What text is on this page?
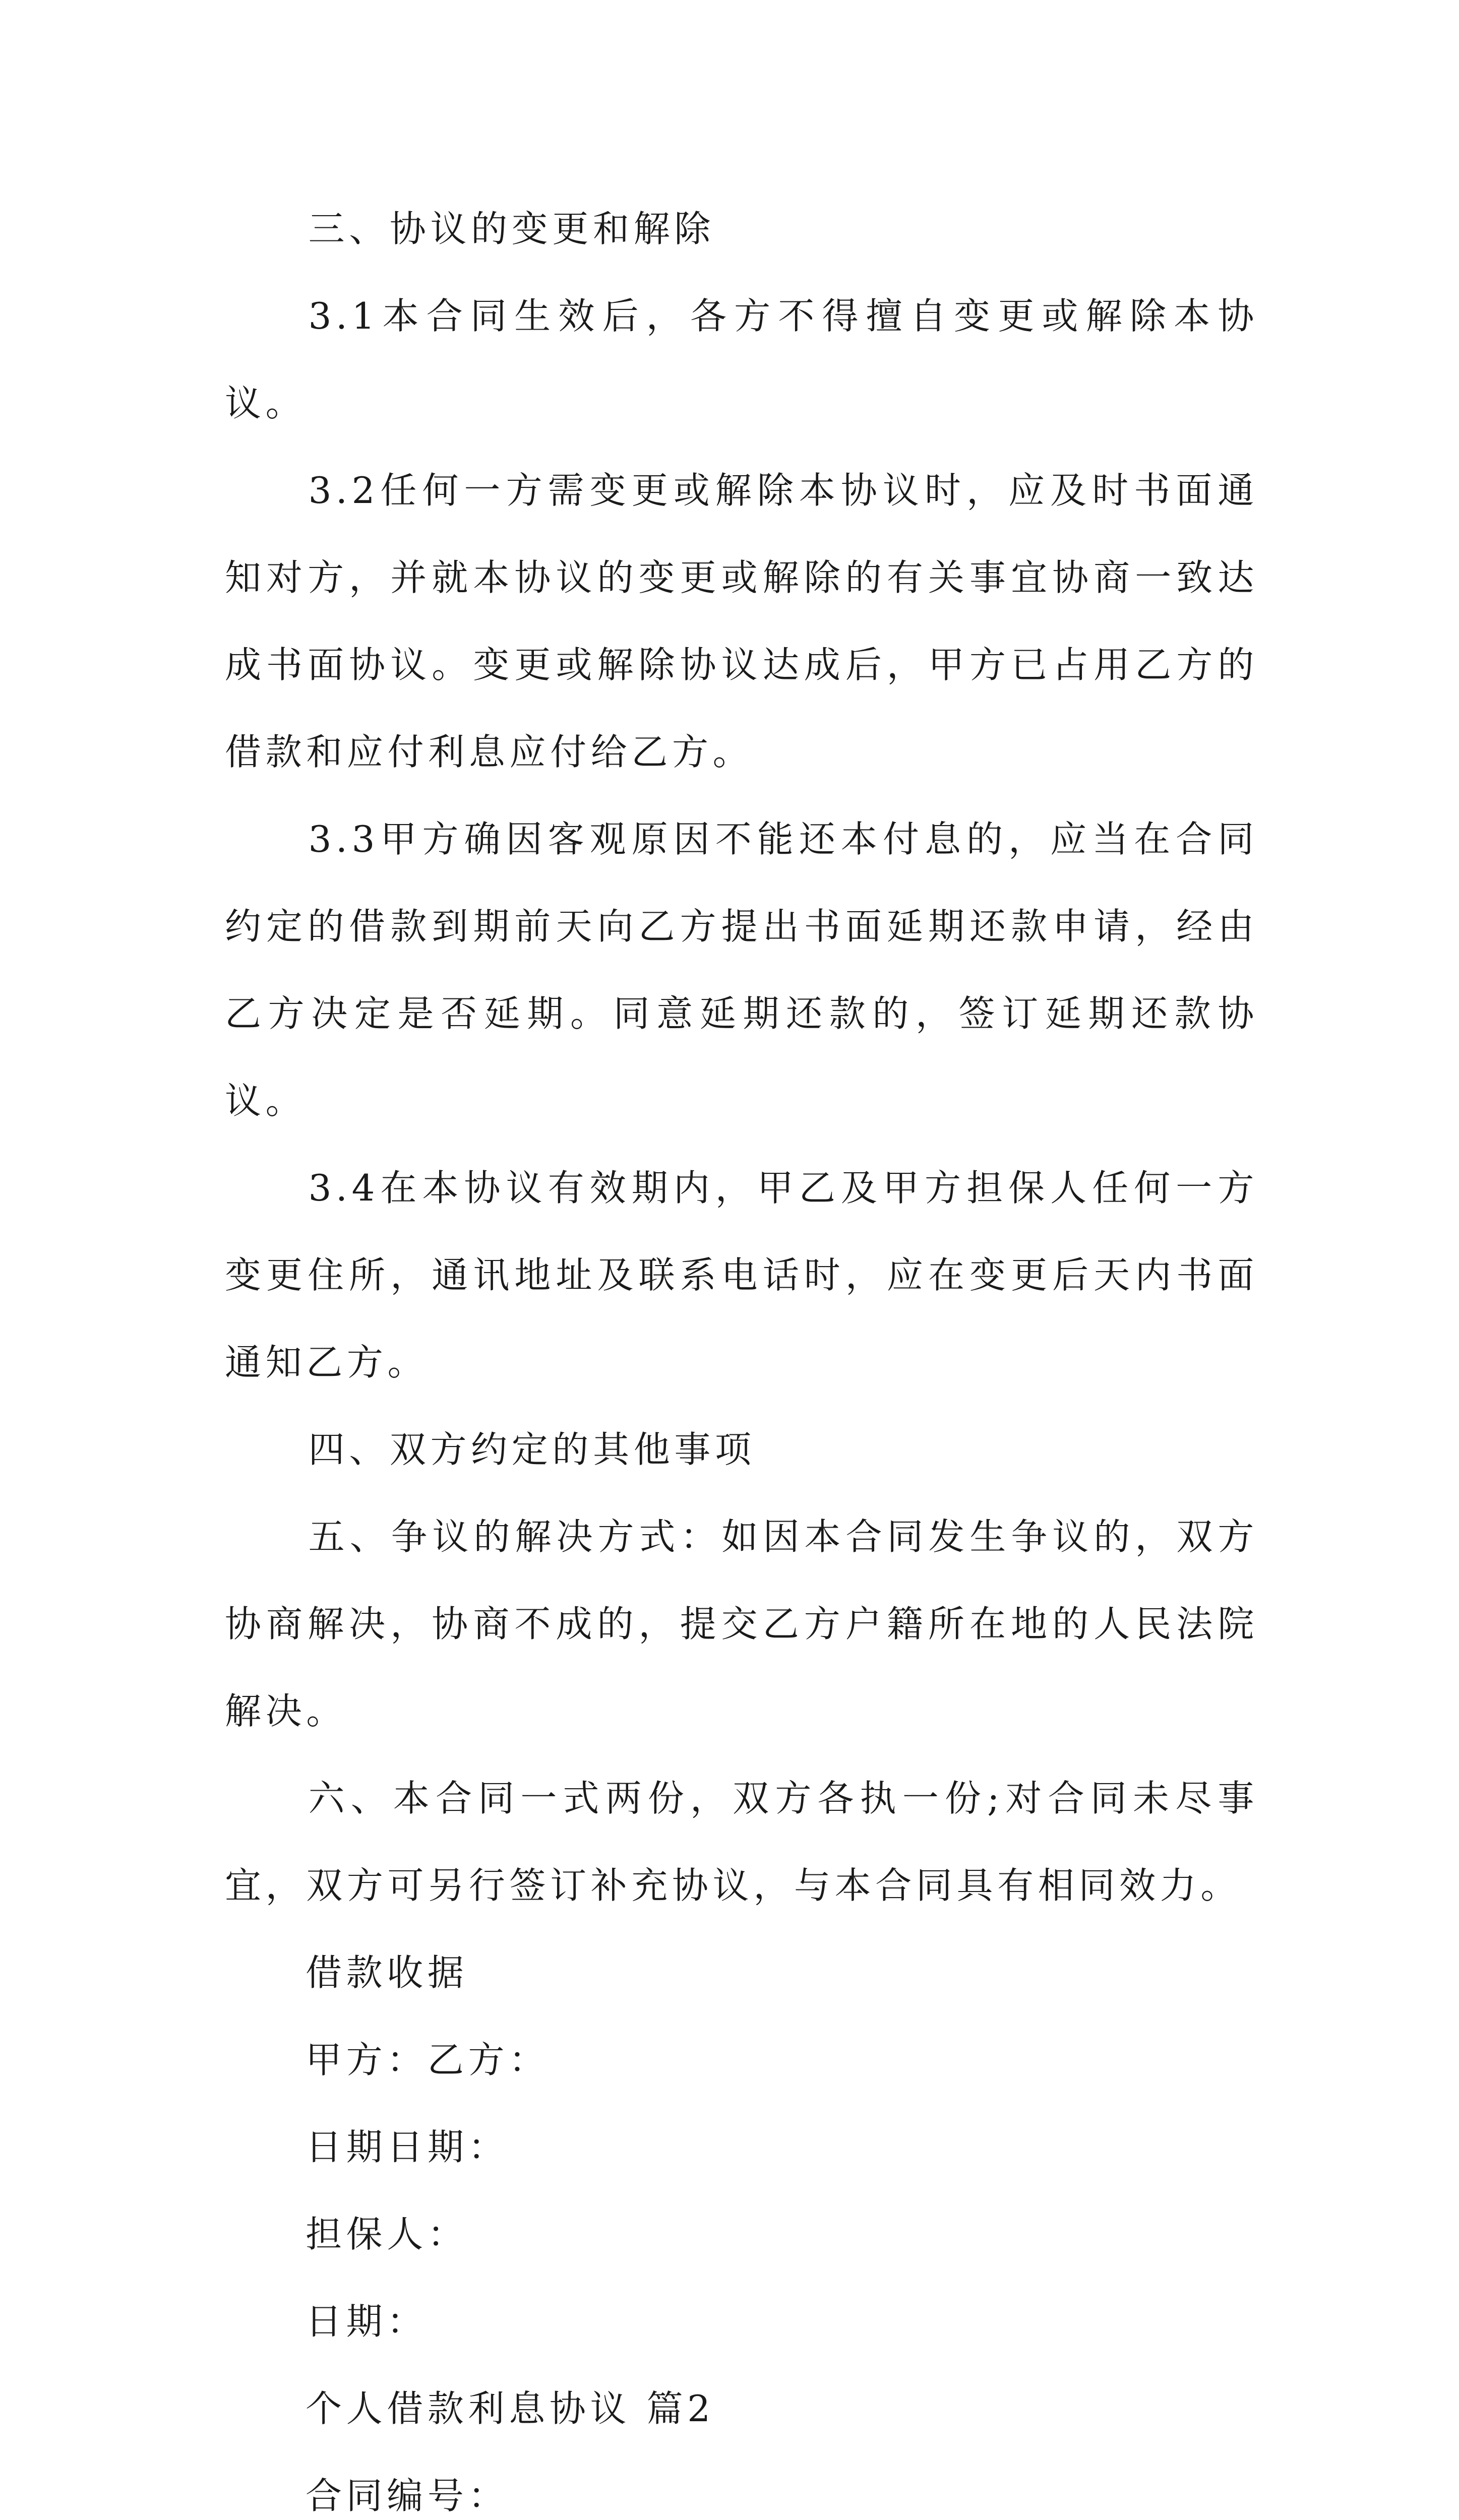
三、协议的变更和解除

3.1本合同生效后，各方不得擅自变更或解除本协议。

3.2任何一方需变更或解除本协议时，应及时书面通知对方，并就本协议的变更或解除的有关事宜协商一致达成书面协议。变更或解除协议达成后，甲方已占用乙方的借款和应付利息应付给乙方。

3.3甲方确因客观原因不能还本付息的，应当在合同约定的借款到期前天向乙方提出书面延期还款申请，经由乙方决定是否延期。同意延期还款的，签订延期还款协议。

3.4在本协议有效期内，甲乙及甲方担保人任何一方变更住所，通讯地址及联系电话时，应在变更后天内书面通知乙方。

四、双方约定的其他事项

五、争议的解决方式：如因本合同发生争议的，双方协商解决，协商不成的，提交乙方户籍所在地的人民法院解决。

六、本合同一式两份，双方各执一份;对合同未尽事宜，双方可另行签订补充协议，与本合同具有相同效力。

借款收据

甲方：乙方：

日期日期：

担保人：

日期：

个人借款利息协议 篇2

合同编号：
